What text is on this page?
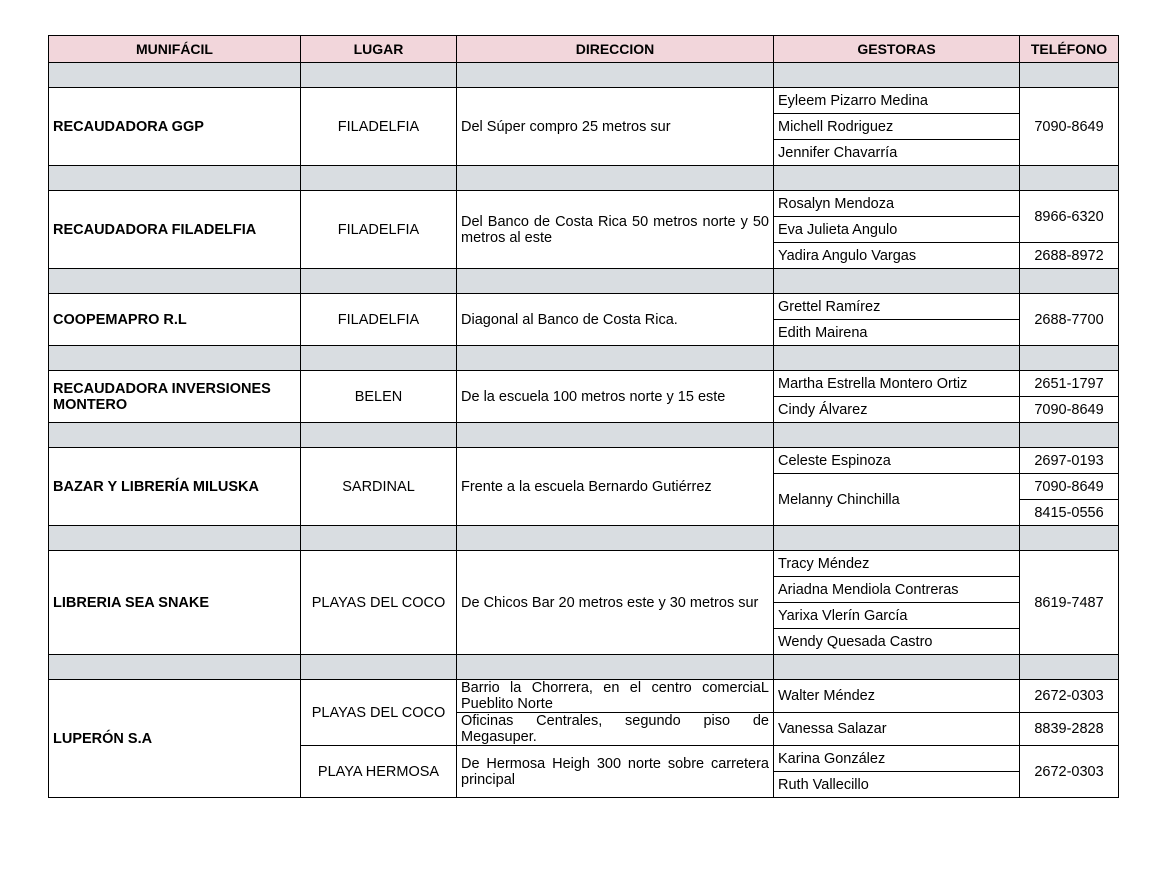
MUNIFÁCIL	LUGAR	DIRECCION	GESTORAS	TELÉFONO

RECAUDADORA GGP	FILADELFIA	Del Súper compro 25 metros sur	Eyleem Pizarro Medina	7090-8649
			Michell Rodriguez	
			Jennifer Chavarría	

RECAUDADORA FILADELFIA	FILADELFIA	Del Banco de Costa Rica 50 metros norte y 50 metros al este	Rosalyn Mendoza	8966-6320
			Eva Julieta Angulo	
			Yadira Angulo Vargas	2688-8972

COOPEMAPRO R.L	FILADELFIA	Diagonal al Banco de Costa Rica.	Grettel Ramírez	2688-7700
			Edith Mairena	

RECAUDADORA INVERSIONES MONTERO	BELEN	De la escuela 100 metros norte y 15 este	Martha Estrella Montero Ortiz	2651-1797
			Cindy Álvarez	7090-8649

BAZAR Y LIBRERÍA MILUSKA	SARDINAL	Frente a la escuela Bernardo Gutiérrez	Celeste Espinoza	2697-0193
			Melanny Chinchilla	7090-8649
				8415-0556

LIBRERIA SEA SNAKE	PLAYAS DEL COCO	De Chicos Bar 20 metros este y 30 metros sur	Tracy Méndez	8619-7487
			Ariadna Mendiola Contreras	
			Yarixa Vlerín García	
			Wendy Quesada Castro	

LUPERÓN S.A	PLAYAS DEL COCO	Barrio la Chorrera, en el centro comerciaL Pueblito Norte	Walter Méndez	2672-0303

		Oficinas Centrales, segundo piso de Megasuper.	Vanessa Salazar	8839-2828

	PLAYA HERMOSA	De Hermosa Heigh 300 norte sobre carretera principal	Karina González	2672-0303
			Ruth Vallecillo	
